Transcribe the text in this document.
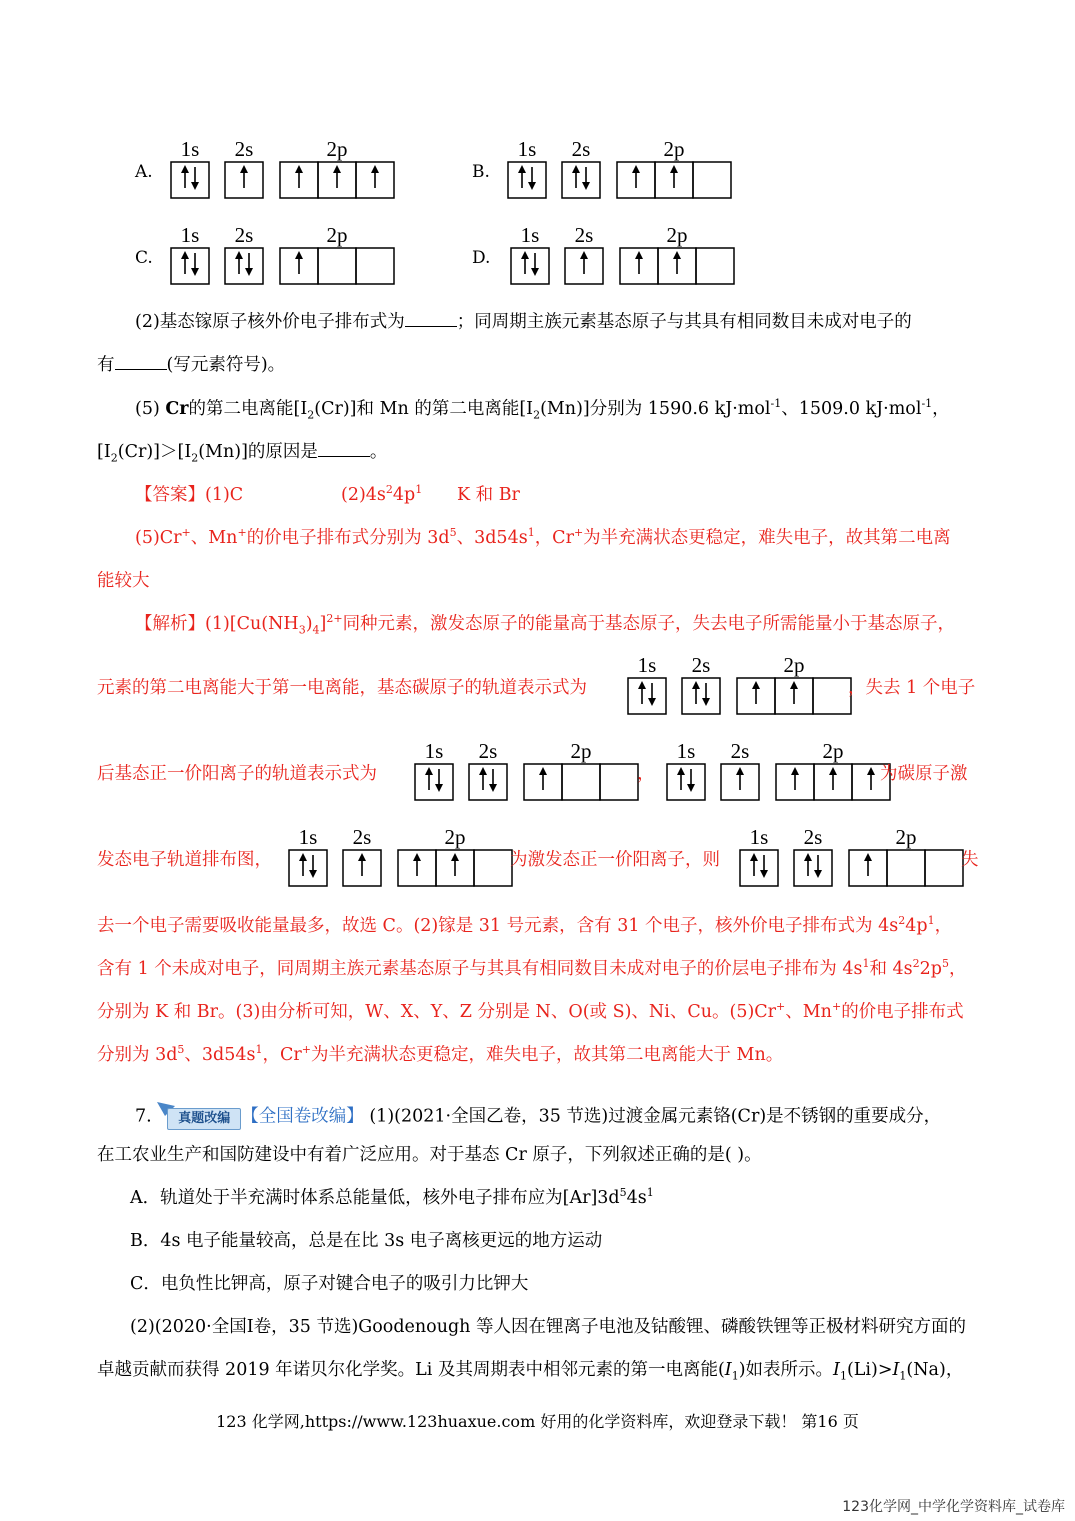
A.
1s 2s	2p
B.
1s 2s	2p
C.
1s 2s	2p
D.
1s 2s	2p
(2)基态镓原子核外价电子排布式为	；同周期主族元素基态原子与其具有相同数目未成对电子的
有	(写元素符号)。
(5) Cr的第二电离能$[I_2(Cr)]$和 Mn 的第二电离能$[I_2(Mn)]$分别为 1590.6 kJ·mol$^{-1}$、1509.0 kJ·mol$^{-1}$，
$[I_2(Cr)]>[I_2(Mn)]$的原因是	。
【答案】(1)C	$(2)4s^24p^1$ K 和 Br
(5)Cr+、Mn+的价电子排布式分别为 $3d^5$、$3d54s^1$，Cr+为半充满状态更稳定，难失电子，故其第二电离
能较大
【解析】$(1)[Cu(NH_3)_4]^{2+}$同种元素，激发态原子的能量高于基态原子，失去电子所需能量小于基态原子，
元素的第二电离能大于第一电离能，基态碳原子的轨道表示式为
1s 2s	2p
，失去 1 个电子
后基态正一价阳离子的轨道表示式为
1s 2s	2p
，
1s 2s	2p
为碳原子激
发态电子轨道排布图，
1s 2s	2p
为激发态正一价阳离子，则
1s 2s	2p
失
去一个电子需要吸收能量最多，故选 C。(2)镓是 31 号元素，含有 31 个电子，核外价电子排布式为 $4s^24p^1$，
含有 1 个未成对电子，同周期主族元素基态原子与其具有相同数目未成对电子的价层电子排布为 $4s^1$和 $4s^22p^5$，
分别为 K 和 Br。(3)由分析可知，W、X、Y、Z 分别是 N、O(或 S)、Ni、Cu。(5)Cr+、Mn+的价电子排布式
分别为 $3d^5$、$3d54s^1$，Cr+为半充满状态更稳定，难失电子，故其第二电离能大于 Mn。
7.	真题改编 【全国卷改编】 (1)(2021·全国乙卷，35 节选)过渡金属元素铬(Cr)是不锈钢的重要成分，
在工农业生产和国防建设中有着广泛应用。对于基态 Cr 原子，下列叙述正确的是( )。
A．轨道处于半充满时体系总能量低，核外电子排布应为$[Ar]3d^54s^1$
B．4s 电子能量较高，总是在比 3s 电子离核更远的地方运动
C．电负性比钾高，原子对键合电子的吸引力比钾大
(2)(2020·全国Ⅰ卷，35 节选)Goodenough 等人因在锂离子电池及钴酸锂、磷酸铁锂等正极材料研究方面的
卓越贡献而获得 2019 年诺贝尔化学奖。Li 及其周期表中相邻元素的第一电离能$(I_1)$如表所示。$I_1(Li)>I_1(Na)$，
123 化学网,https://www.123huaxue.com 好用的化学资料库，欢迎登录下载！ 第16 页
123化学网_中学化学资料库_试卷库
